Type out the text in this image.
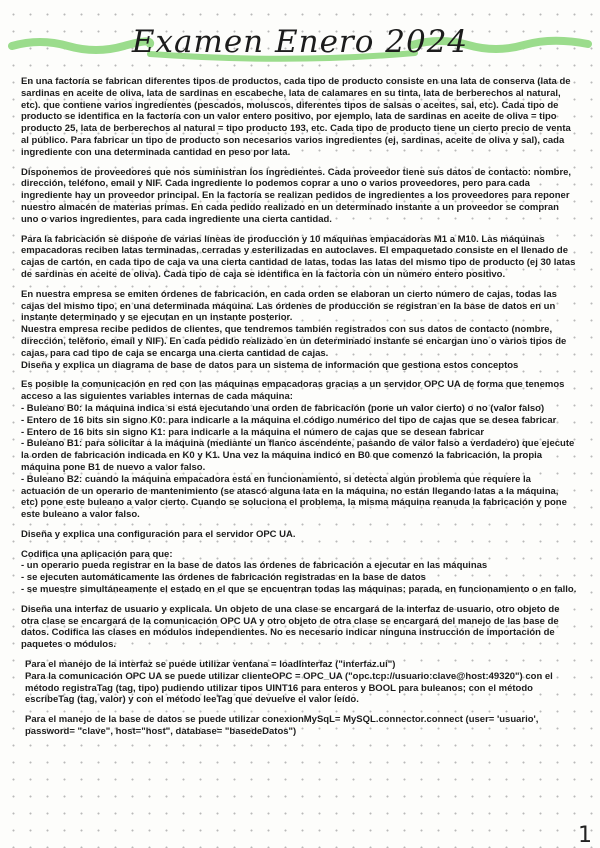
Examen Enero 2024

En una factoría se fabrican diferentes tipos de productos, cada tipo de producto consiste en una lata de conserva (lata de sardinas en aceite de oliva, lata de sardinas en escabeche, lata de calamares en su tinta, lata de berberechos al natural, etc). que contiene varios ingredientes (pescados, moluscos, diferentes tipos de salsas o aceites, sal, etc). Cada tipo de producto se identifica en la factoría con un valor entero positivo, por ejemplo, lata de sardinas en aceite de oliva = tipo producto 25, lata de berberechos al natural = tipo producto 193, etc. Cada tipo de producto tiene un cierto precio de venta al público. Para fabricar un tipo de producto son necesarios varios ingredientes (ej, sardinas, aceite de oliva y sal), cada ingrediente con una determinada cantidad en peso por lata.

Disponemos de proveedores que nos suministran los ingredientes. Cada proveedor tiene sus datos de contacto: nombre, dirección, teléfono, email y NIF. Cada ingrediente lo podemos coprar a uno o varios proveedores, pero para cada ingrediente hay un proveedor principal. En la factoría se realizan pedidos de ingredientes a los proveedores para reponer nuestro almacén de materias primas. En cada pedido realizado en un determinado instante a un proveedor se compran uno o varios ingredientes, para cada ingrediente una cierta cantidad.

Para la fabricación se dispone de varias líneas de producción y 10 máquinas empacadoras M1 a M10. Las máquinas empacadoras reciben latas terminadas, cerradas y esterilizadas en autoclaves. El empaquetado consiste en el llenado de cajas de cartón, en cada tipo de caja va una cierta cantidad de latas, todas las latas del mismo tipo de producto (ej 30 latas de sardinas en aceite de oliva). Cada tipo de caja se identifica en la factoría con un número entero positivo.

En nuestra empresa se emiten órdenes de fabricación, en cada orden se elaboran un cierto número de cajas, todas las cajas del mismo tipo, en una determinada máquina. Las órdenes de producción se registran en la base de datos en un instante determinado y se ejecutan en un instante posterior.

Nuestra empresa recibe pedidos de clientes, que tendremos también registrados con sus datos de contacto (nombre, dirección, teléfono, email y NIF). En cada pedido realizado en un determinado instante se encargan uno o varios tipos de cajas, para cad tipo de caja se encarga una cierta cantidad de cajas.

Diseña y explica un diagrama de base de datos para un sistema de información que gestiona estos conceptos

Es posible la comunicación en red con las máquinas empacadoras gracias a un servidor OPC UA de forma que tenemos acceso a las siguientes variables internas de cada máquina:

- Buleano B0: la máquina indica si está ejecutando una orden de fabricación (pone un valor cierto) o no (valor falso)
- Entero de 16 bits sin signo K0: para indicarle a la máquina el código numérico del tipo de cajas que se desea fabricar
- Entero de 16 bits sin signo K1: para indicarle a la máquina el número de cajas que se desean fabricar
- Buleano B1: para solicitar a la máquina (mediante un flanco ascendente, pasando de valor falso a verdadero) que ejecute la orden de fabricación indicada en K0 y K1. Una vez la máquina indicó en B0 que comenzó la fabricación, la propia máquina pone B1 de nuevo a valor falso.
- Buleano B2: cuando la máquina empacadora está en funcionamiento, si detecta algún problema que requiere la actuación de un operario de mantenimiento (se atascó alguna lata en la máquina, no están llegando latas a la máquina, etc) pone este buleano a valor cierto. Cuando se soluciona el problema, la misma máquina reanuda la fabricación y pone este buleano a valor falso.

Diseña y explica una configuración para el servidor OPC UA.

Codifica una aplicación para que:

- un operario pueda registrar en la base de datos las órdenes de fabricación a ejecutar en las máquinas
- se ejecuten automáticamente las órdenes de fabricación registradas en la base de datos
- se muestre simultáneamente el estado en el que se encuentran todas las máquinas: parada, en funcionamiento o en fallo.

Diseña una interfaz de usuario y explicala. Un objeto de una clase se encargará de la interfaz de usuario, otro objeto de otra clase se encargará de la comunicación OPC UA y otro objeto de otra clase se encargará del manejo de las base de datos. Codifica las clases en módulos independientes. No es necesario indicar ninguna instrucción de importación de paquetes o módulos.

Para el manejo de la interfaz se puede utilizar ventana = loadInterfaz ("interfaz.ui")

Para la comunicación OPC UA se puede utilizar clienteOPC = OPC_UA ("opc.tcp://usuario:clave@host:49320") con el método registraTag (tag, tipo) pudiendo utilizar tipos UINT16 para enteros y BOOL para buleanos; con el método escribeTag (tag, valor) y con el método leeTag que devuelve el valor leído.

Para el manejo de la base de datos se puede utilizar conexionMySqL= MySQL.connector.connect (user= 'usuario', password= "clave", host="host", database= "basedeDatos")

1
